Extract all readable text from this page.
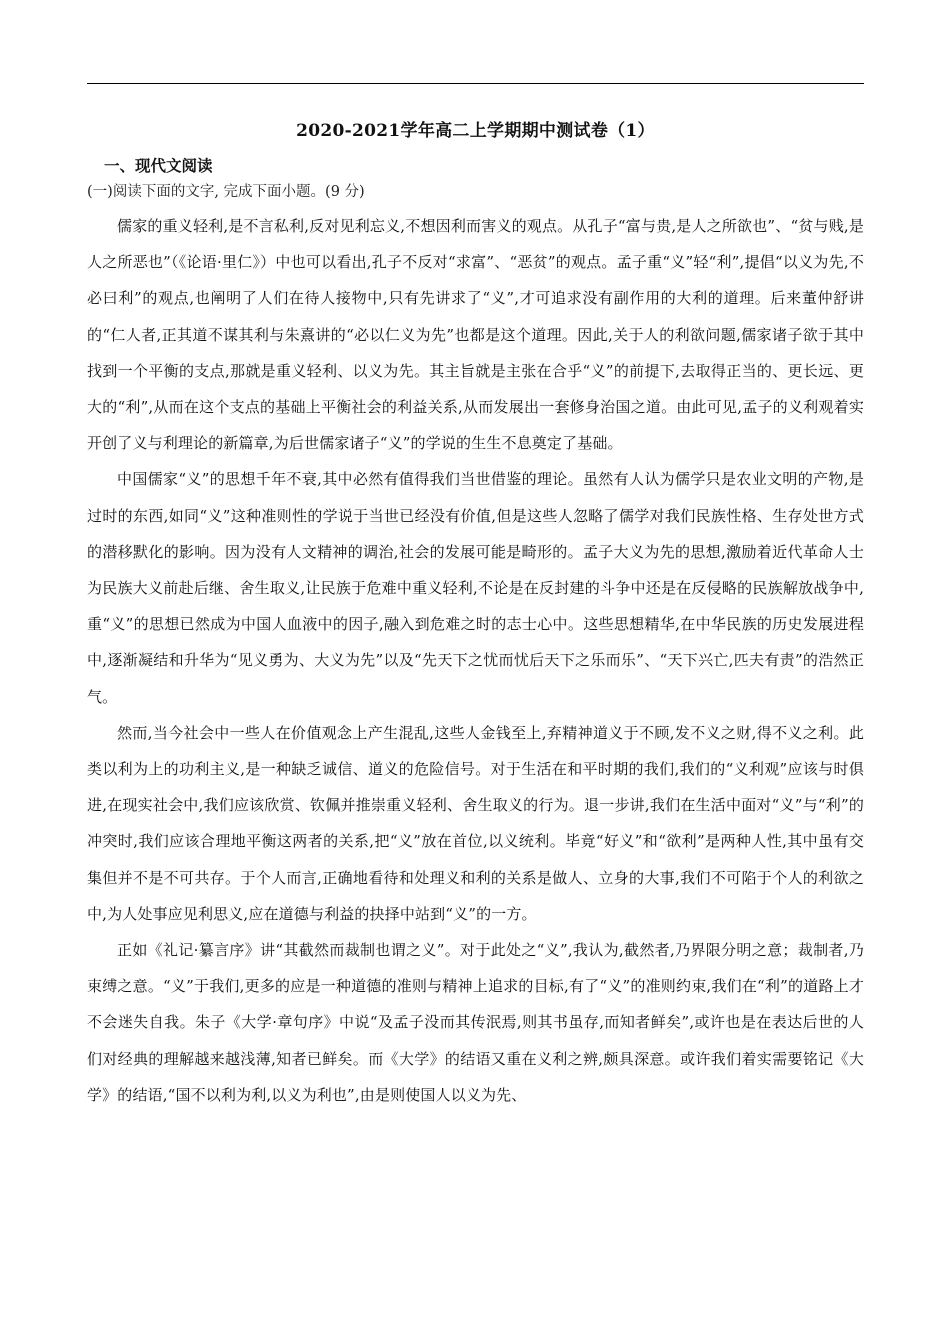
2020-2021学年高二上学期期中测试卷（1）
一、现代文阅读
(一)阅读下面的文字, 完成下面小题。(9 分)

儒家的重义轻利,是不言私利,反对见利忘义,不想因利而害义的观点。从孔子“富与贵,是人之所欲也”、“贫与贱,是人之所恶也”（《论语·里仁》）中也可以看出,孔子不反对“求富”、“恶贫”的观点。孟子重“义”轻“利”,提倡“以义为先,不必曰利”的观点,也阐明了人们在待人接物中,只有先讲求了“义”,才可追求没有副作用的大利的道理。后来董仲舒讲的“仁人者,正其道不谋其利与朱熹讲的“必以仁义为先”也都是这个道理。因此,关于人的利欲问题,儒家诸子欲于其中找到一个平衡的支点,那就是重义轻利、以义为先。其主旨就是主张在合乎“义”的前提下,去取得正当的、更长远、更大的“利”,从而在这个支点的基础上平衡社会的利益关系,从而发展出一套修身治国之道。由此可见,孟子的义利观着实开创了义与利理论的新篇章,为后世儒家诸子“义”的学说的生生不息奠定了基础。

中国儒家“义”的思想千年不衰,其中必然有值得我们当世借鉴的理论。虽然有人认为儒学只是农业文明的产物,是过时的东西,如同“义”这种准则性的学说于当世已经没有价值,但是这些人忽略了儒学对我们民族性格、生存处世方式的潜移默化的影响。因为没有人文精神的调治,社会的发展可能是畸形的。孟子大义为先的思想,激励着近代革命人士为民族大义前赴后继、舍生取义,让民族于危难中重义轻利,不论是在反封建的斗争中还是在反侵略的民族解放战争中,重“义”的思想已然成为中国人血液中的因子,融入到危难之时的志士心中。这些思想精华,在中华民族的历史发展进程中,逐渐凝结和升华为“见义勇为、大义为先”以及“先天下之忧而忧后天下之乐而乐”、“天下兴亡,匹夫有责”的浩然正气。

然而,当今社会中一些人在价值观念上产生混乱,这些人金钱至上,弃精神道义于不顾,发不义之财,得不义之利。此类以利为上的功利主义,是一种缺乏诚信、道义的危险信号。对于生活在和平时期的我们,我们的“义利观”应该与时俱进,在现实社会中,我们应该欣赏、钦佩并推崇重义轻利、舍生取义的行为。退一步讲,我们在生活中面对“义”与“利”的冲突时,我们应该合理地平衡这两者的关系,把“义”放在首位,以义统利。毕竟“好义”和“欲利”是两种人性,其中虽有交集但并不是不可共存。于个人而言,正确地看待和处理义和利的关系是做人、立身的大事,我们不可陷于个人的利欲之中,为人处事应见利思义,应在道德与利益的抉择中站到“义”的一方。

正如《礼记·纂言序》讲“其截然而裁制也谓之义”。对于此处之“义”,我认为,截然者,乃界限分明之意；裁制者,乃束缚之意。“义”于我们,更多的应是一种道德的准则与精神上追求的目标,有了“义”的准则约束,我们在“利”的道路上才不会迷失自我。朱子《大学·章句序》中说“及孟子没而其传泯焉,则其书虽存,而知者鲜矣”,或许也是在表达后世的人们对经典的理解越来越浅薄,知者已鲜矣。而《大学》的结语又重在义利之辨,颇具深意。或许我们着实需要铭记《大学》的结语,“国不以利为利,以义为利也”,由是则使国人以义为先、
